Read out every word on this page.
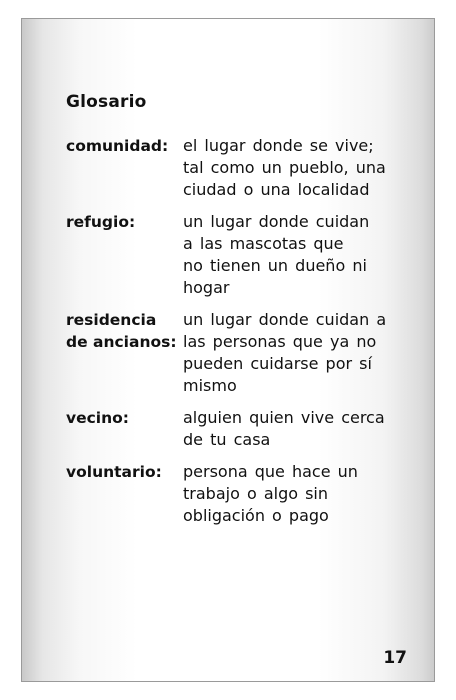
Glosario
comunidad: el lugar donde se vive;
tal como un pueblo, una
ciudad o una localidad
refugio:	un lugar donde cuidan
a las mascotas que
no tienen un dueño ni
hogar
residencia
de ancianos:
un lugar donde cuidan a
las personas que ya no
pueden cuidarse por sí
mismo
vecino:	alguien quien vive cerca
de tu casa
voluntario:	persona que hace un
trabajo o algo sin
obligación o pago
17
